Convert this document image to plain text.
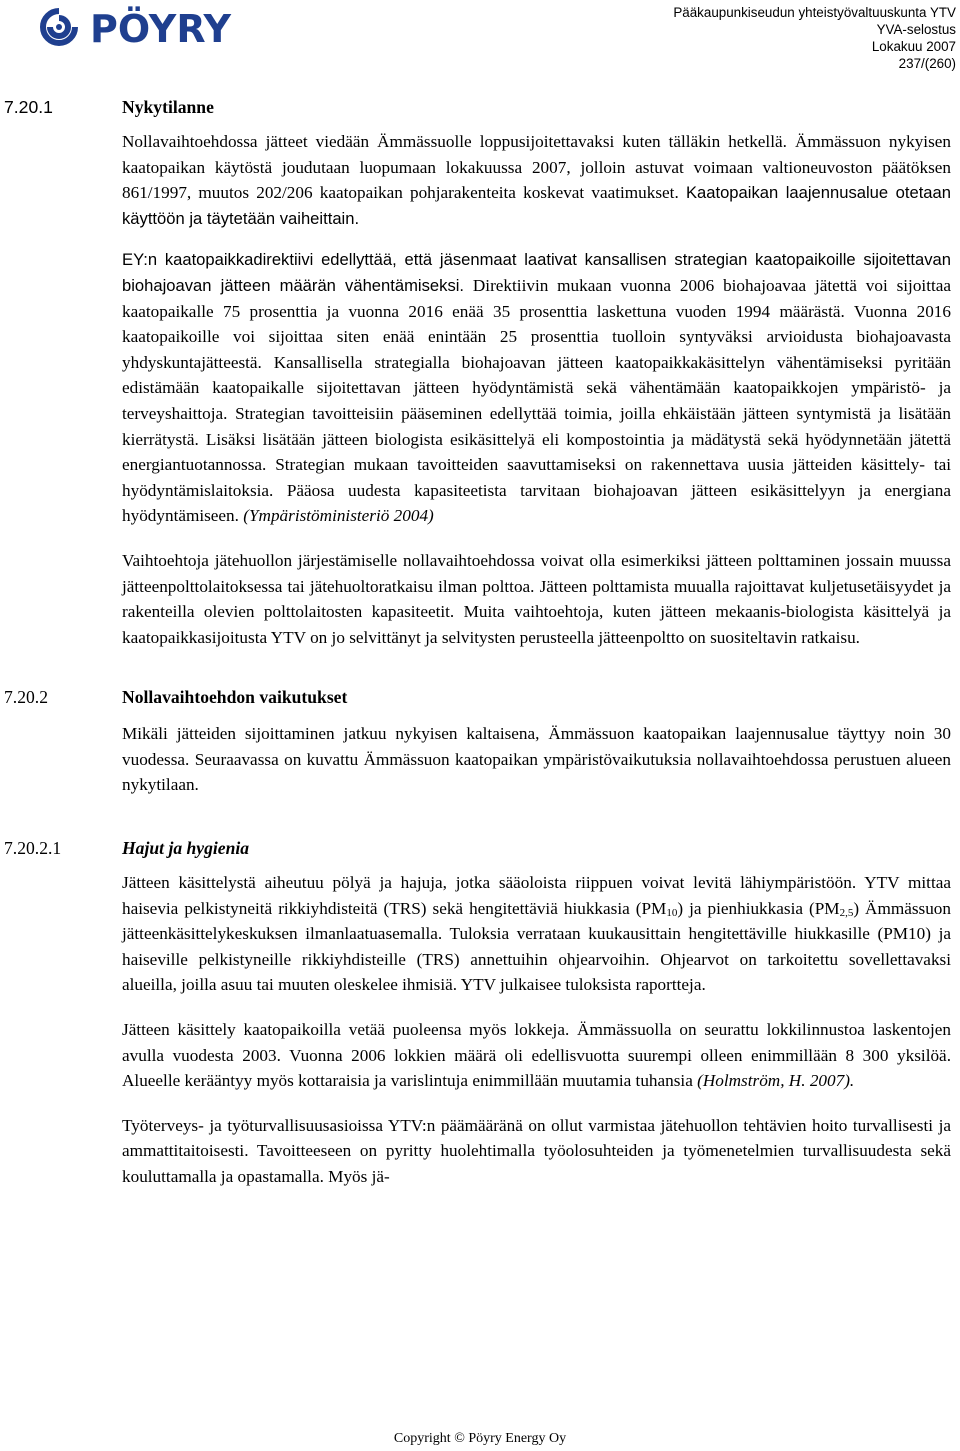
PÖYRY	Pääkaupunkiseudun yhteistyövaltuuskunta YTV
YVA-selostus
Lokakuu 2007
237/(260)
7.20.1	Nykytilanne

Nollavaihtoehdossa jätteet viedään Ämmässuolle loppusijoitettavaksi kuten tälläkin hetkellä. Ämmässuon nykyisen kaatopaikan käytöstä joudutaan luopumaan lokakuussa 2007, jolloin astuvat voimaan valtioneuvoston päätöksen 861/1997, muutos 202/206 kaatopaikan pohjarakenteita koskevat vaatimukset. Kaatopaikan laajennusalue otetaan käyttöön ja täytetään vaiheittain.

EY:n kaatopaikkadirektiivi edellyttää, että jäsenmaat laativat kansallisen strategian kaatopaikoille sijoitettavan biohajoavan jätteen määrän vähentämiseksi. Direktiivin mukaan vuonna 2006 biohajoavaa jätettä voi sijoittaa kaatopaikalle 75 prosenttia ja vuonna 2016 enää 35 prosenttia laskettuna vuoden 1994 määrästä. Vuonna 2016 kaatopaikoille voi sijoittaa siten enää enintään 25 prosenttia tuolloin syntyväksi arvioidusta biohajoavasta yhdyskuntajätteestä. Kansallisella strategialla biohajoavan jätteen kaatopaikkakäsittelyn vähentämiseksi pyritään edistämään kaatopaikalle sijoitettavan jätteen hyödyntämistä sekä vähentämään kaatopaikkojen ympäristö- ja terveyshaittoja. Strategian tavoitteisiin pääseminen edellyttää toimia, joilla ehkäistään jätteen syntymistä ja lisätään kierrätystä. Lisäksi lisätään jätteen biologista esikäsittelyä eli kompostointia ja mädätystä sekä hyödynnetään jätettä energiantuotannossa. Strategian mukaan tavoitteiden saavuttamiseksi on rakennettava uusia jätteiden käsittely- tai hyödyntämislaitoksia. Pääosa uudesta kapasiteetista tarvitaan biohajoavan jätteen esikäsittelyyn ja energiana hyödyntämiseen. (Ympäristöministeriö 2004)

Vaihtoehtoja jätehuollon järjestämiselle nollavaihtoehdossa voivat olla esimerkiksi jätteen polttaminen jossain muussa jätteenpolttolaitoksessa tai jätehuoltoratkaisu ilman polttoa. Jätteen polttamista muualla rajoittavat kuljetusetäisyydet ja rakenteilla olevien polttolaitosten kapasiteetit. Muita vaihtoehtoja, kuten jätteen mekaanis-biologista käsittelyä ja kaatopaikkasijoitusta YTV on jo selvittänyt ja selvitysten perusteella jätteenpoltto on suositeltavin ratkaisu.

7.20.2	Nollavaihtoehdon vaikutukset

Mikäli jätteiden sijoittaminen jatkuu nykyisen kaltaisena, Ämmässuon kaatopaikan laajennusalue täyttyy noin 30 vuodessa. Seuraavassa on kuvattu Ämmässuon kaatopaikan ympäristövaikutuksia nollavaihtoehdossa perustuen alueen nykytilaan.

7.20.2.1	Hajut ja hygienia

Jätteen käsittelystä aiheutuu pölyä ja hajuja, jotka sääoloista riippuen voivat levitä lähiympäristöön. YTV mittaa haisevia pelkistyneitä rikkiyhdisteitä (TRS) sekä hengitettäviä hiukkasia $(PM_{10})$ ja pienhiukkasia $(PM_{2,5})$ Ämmässuon jätteenkäsittelykeskuksen ilmanlaatuasemalla. Tuloksia verrataan kuukausittain hengitettäville hiukkasille (PM10) ja haiseville pelkistyneille rikkiyhdisteille (TRS) annettuihin ohjearvoihin. Ohjearvot on tarkoitettu sovellettavaksi alueilla, joilla asuu tai muuten oleskelee ihmisiä. YTV julkaisee tuloksista raportteja.

Jätteen käsittely kaatopaikoilla vetää puoleensa myös lokkeja. Ämmässuolla on seurattu lokkilinnustoa laskentojen avulla vuodesta 2003. Vuonna 2006 lokkien määrä oli edellisvuotta suurempi olleen enimmillään 8 300 yksilöä. Alueelle kerääntyy myös kottaraisia ja varislintuja enimmillään muutamia tuhansia (Holmström, H. 2007).

Työterveys- ja työturvallisuusasioissa YTV:n päämääränä on ollut varmistaa jätehuollon tehtävien hoito turvallisesti ja ammattitaitoisesti. Tavoitteeseen on pyritty huolehtimalla työolosuhteiden ja työmenetelmien turvallisuudesta sekä kouluttamalla ja opastamalla. Myös jä-

Copyright © Pöyry Energy Oy
